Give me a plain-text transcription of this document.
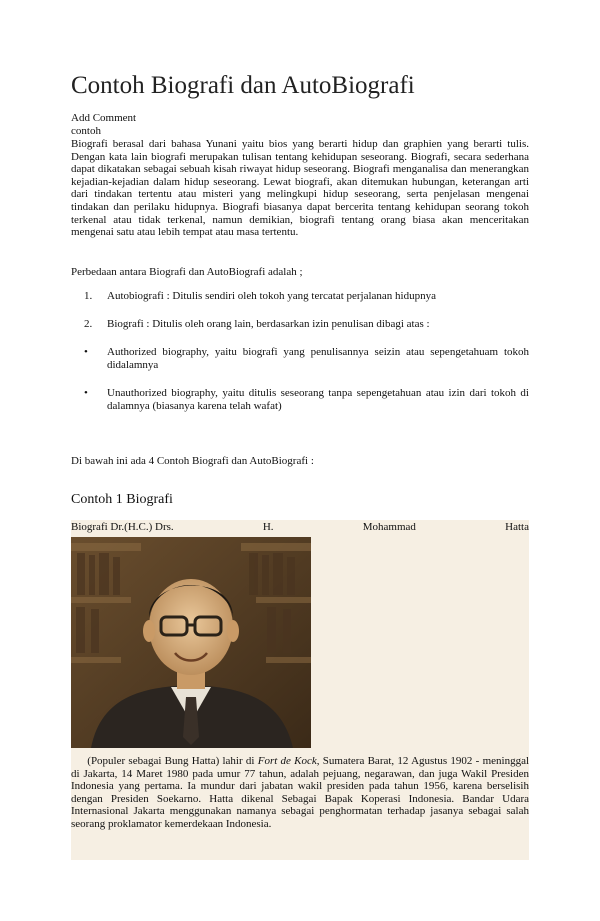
Contoh Biografi dan AutoBiografi
Add Comment
contoh

Biografi berasal dari bahasa Yunani yaitu bios yang berarti hidup dan graphien yang berarti tulis. Dengan kata lain biografi merupakan tulisan tentang kehidupan seseorang. Biografi, secara sederhana dapat dikatakan sebagai sebuah kisah riwayat hidup seseorang. Biografi menganalisa dan menerangkan kejadian-kejadian dalam hidup seseorang. Lewat biografi, akan ditemukan hubungan, keterangan arti dari tindakan tertentu atau misteri yang melingkupi hidup seseorang, serta penjelasan mengenai tindakan dan perilaku hidupnya. Biografi biasanya dapat bercerita tentang kehidupan seorang tokoh terkenal atau tidak terkenal, namun demikian, biografi tentang orang biasa akan menceritakan mengenai satu atau lebih tempat atau masa tertentu.

Perbedaan antara Biografi dan AutoBiografi adalah ;
1.	Autobiografi : Ditulis sendiri oleh tokoh yang tercatat perjalanan hidupnya
2.	Biografi : Ditulis oleh orang lain, berdasarkan izin penulisan dibagi atas :
•	Authorized biography, yaitu biografi yang penulisannya seizin atau sepengetahuam tokoh didalamnya
•	Unauthorized biography, yaitu ditulis seseorang tanpa sepengetahuan atau izin dari tokoh di dalamnya (biasanya karena telah wafat)
Di bawah ini ada 4 Contoh Biografi dan AutoBiografi :
Contoh 1 Biografi
Biografi Dr.(H.C.) Drs.	H.	Mohammad	Hatta
(Populer sebagai Bung Hatta) lahir di Fort de Kock, Sumatera Barat, 12 Agustus 1902 - meninggal di Jakarta, 14 Maret 1980 pada umur 77 tahun, adalah pejuang, negarawan, dan juga Wakil Presiden Indonesia yang pertama. Ia mundur dari jabatan wakil presiden pada tahun 1956, karena berselisih dengan Presiden Soekarno. Hatta dikenal Sebagai Bapak Koperasi Indonesia. Bandar Udara Internasional Jakarta menggunakan namanya sebagai penghormatan terhadap jasanya sebagai salah seorang proklamator kemerdekaan Indonesia.
